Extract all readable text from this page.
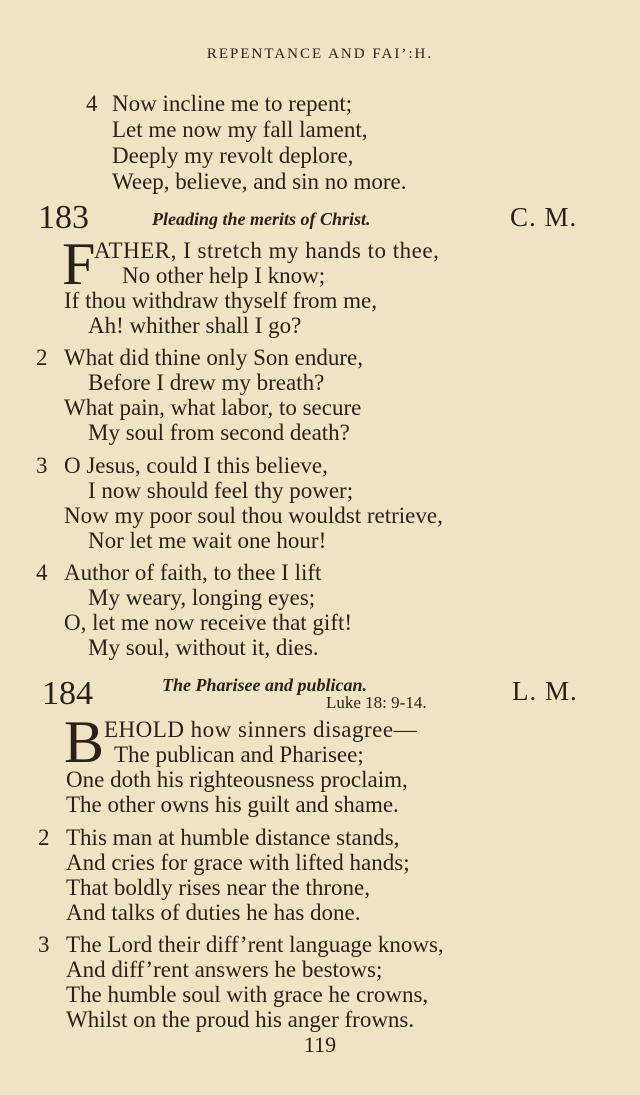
REPENTANCE AND FAI’:H.
4 Now incline me to repent;
Let me now my fall lament,
Deeply my revolt deplore,
Weep, believe, and sin no more.
183	Pleading the merits of Christ.	C. M.
F
ATHER, I stretch my hands to thee,
No other help I know;
If thou withdraw thyself from me,
Ah! whither shall I go?
2 What did thine only Son endure,
Before I drew my breath?
What pain, what labor, to secure
My soul from second death?
3 O Jesus, could I this believe,
I now should feel thy power;
Now my poor soul thou wouldst retrieve,
Nor let me wait one hour!
4 Author of faith, to thee I lift
My weary, longing eyes;
O, let me now receive that gift!
My soul, without it, dies.
184	The Pharisee and publican.
Luke 18: 9-14.	L. M.
B EHOLD how sinners disagree—
The publican and Pharisee;
One doth his righteousness proclaim,
The other owns his guilt and shame.
2 This man at humble distance stands,
And cries for grace with lifted hands;
That boldly rises near the throne,
And talks of duties he has done.
3 The Lord their diff’rent language knows,
And diff’rent answers he bestows;
The humble soul with grace he crowns,
Whilst on the proud his anger frowns.
119
